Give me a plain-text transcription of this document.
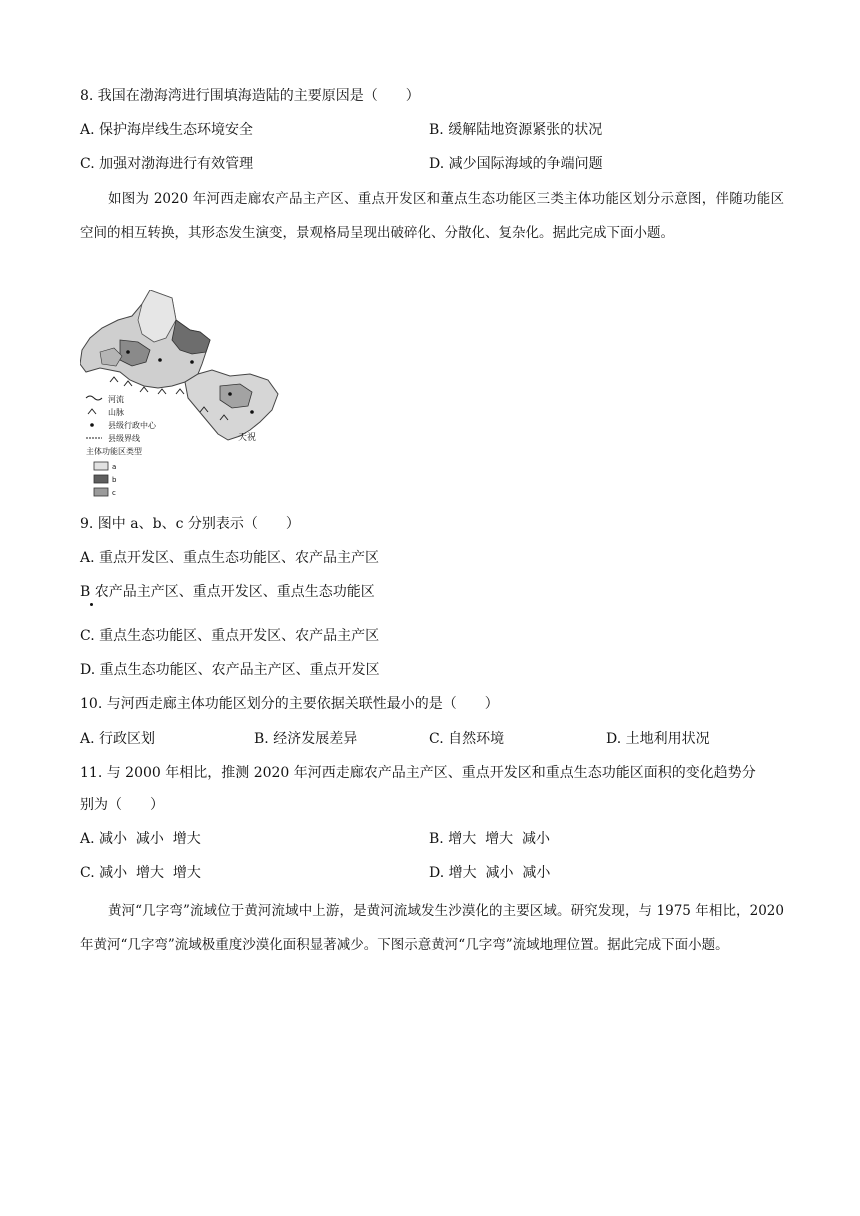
8. 我国在渤海湾进行围填海造陆的主要原因是（　　）
A. 保护海岸线生态环境安全	B. 缓解陆地资源紧张的状况
C. 加强对渤海进行有效管理	D. 减少国际海域的争端问题
如图为 2020 年河西走廊农产品主产区、重点开发区和董点生态功能区三类主体功能区划分示意图，伴随功能区空间的相互转换，其形态发生演变，景观格局呈现出破碎化、分散化、复杂化。据此完成下面小题。
天祝
河流
山脉
县级行政中心
县级界线
主体功能区类型
a
b
c
9. 图中 a、b、c 分别表示（　　）
A. 重点开发区、重点生态功能区、农产品主产区
B 农产品主产区、重点开发区、重点生态功能区
C. 重点生态功能区、重点开发区、农产品主产区
D. 重点生态功能区、农产品主产区、重点开发区
10. 与河西走廊主体功能区划分的主要依据关联性最小的是（　　）
A. 行政区划	B. 经济发展差异	C. 自然环境	D. 土地利用状况
11. 与 2000 年相比，推测 2020 年河西走廊农产品主产区、重点开发区和重点生态功能区面积的变化趋势分
别为（　　）
A. 减小  减小  增大	B. 增大  增大  减小
C. 减小  增大  增大	D. 增大  减小  减小
黄河“几字弯”流域位于黄河流域中上游，是黄河流域发生沙漠化的主要区域。研究发现，与 1975 年相比，2020 年黄河“几字弯”流域极重度沙漠化面积显著减少。下图示意黄河“几字弯”流域地理位置。据此完成下面小题。
